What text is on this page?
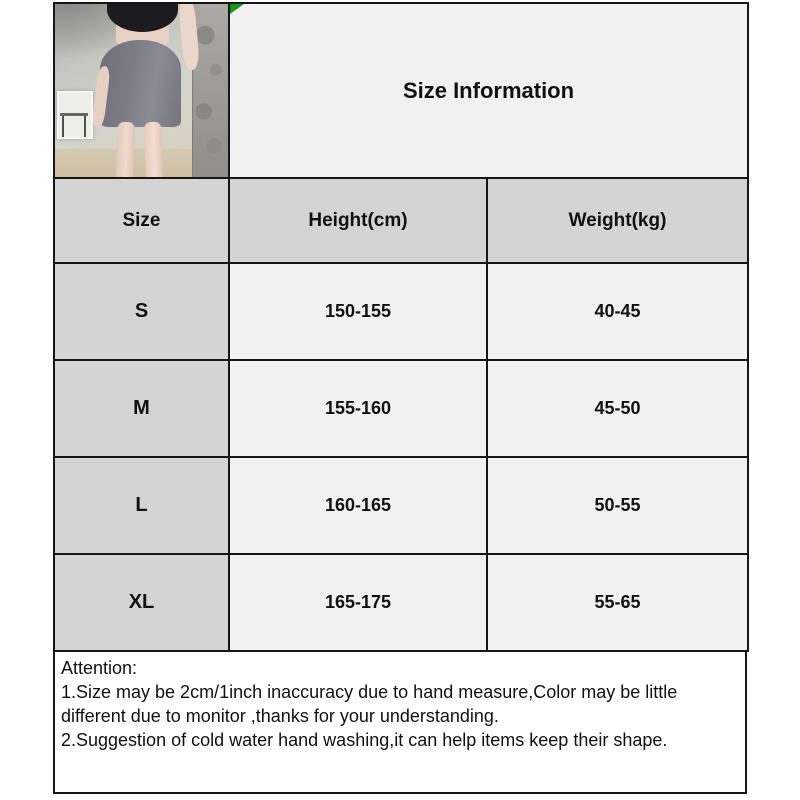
Size Information	
Size	Height(cm)	Weight(kg)
S	150-155	40-45
M	155-160	45-50
L	160-165	50-55
XL	165-175	55-65
Attention:
1.Size may be 2cm/1inch inaccuracy due to hand measure,Color may be little different due to monitor ,thanks for your understanding.
2.Suggestion of cold water hand washing,it can help items keep their shape.
